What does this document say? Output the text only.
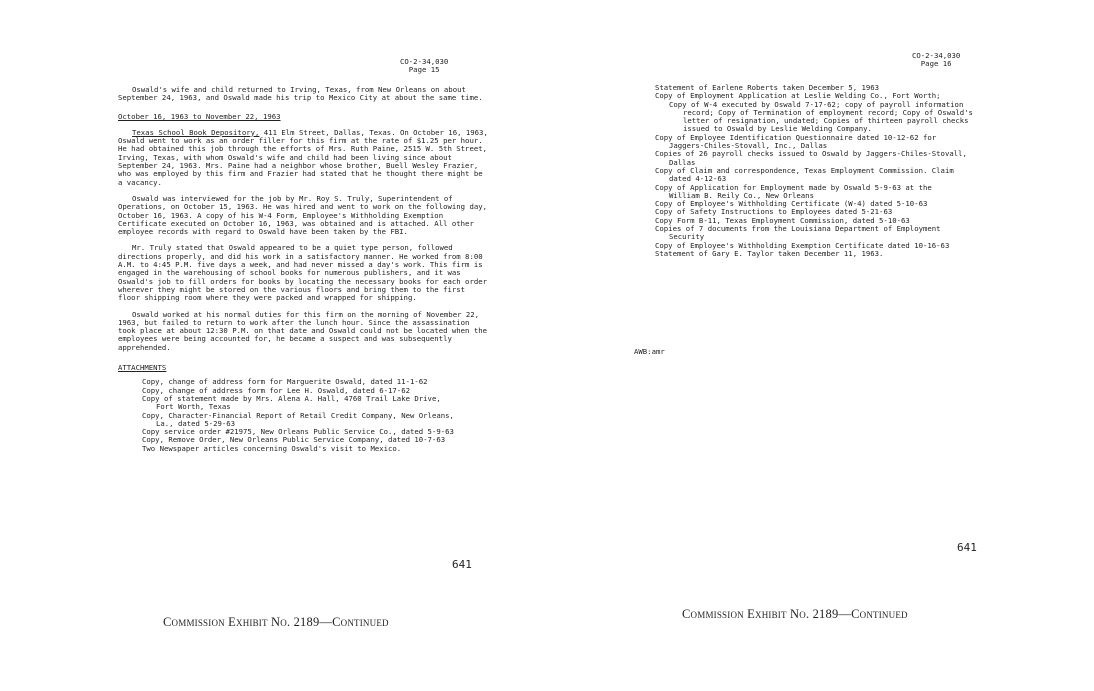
CO-2-34,030
Page 15

Oswald's wife and child returned to Irving, Texas, from New Orleans on about September 24, 1963, and Oswald made his trip to Mexico City at about the same time.

October 16, 1963 to November 22, 1963

Texas School Book Depository, 411 Elm Street, Dallas, Texas. On October 16, 1963, Oswald went to work as an order filler for this firm at the rate of $1.25 per hour. He had obtained this job through the efforts of Mrs. Ruth Paine, 2515 W. 5th Street, Irving, Texas, with whom Oswald's wife and child had been living since about September 24, 1963. Mrs. Paine had a neighbor whose brother, Buell Wesley Frazier, who was employed by this firm and Frazier had stated that he thought there might be a vacancy.

Oswald was interviewed for the job by Mr. Roy S. Truly, Superintendent of Operations, on October 15, 1963. He was hired and went to work on the following day, October 16, 1963. A copy of his W-4 Form, Employee's Withholding Exemption Certificate executed on October 16, 1963, was obtained and is attached. All other employee records with regard to Oswald have been taken by the FBI.

Mr. Truly stated that Oswald appeared to be a quiet type person, followed directions properly, and did his work in a satisfactory manner. He worked from 8:00 A.M. to 4:45 P.M. five days a week, and had never missed a day's work. This firm is engaged in the warehousing of school books for numerous publishers, and it was Oswald's job to fill orders for books by locating the necessary books for each order wherever they might be stored on the various floors and bring them to the first floor shipping room where they were packed and wrapped for shipping.

Oswald worked at his normal duties for this firm on the morning of November 22, 1963, but failed to return to work after the lunch hour. Since the assassination took place at about 12:30 P.M. on that date and Oswald could not be located when the employees were being accounted for, he became a suspect and was subsequently apprehended.

ATTACHMENTS

Copy, change of address form for Marguerite Oswald, dated 11-1-62
Copy, change of address form for Lee H. Oswald, dated 6-17-62
Copy of statement made by Mrs. Alena A. Hall, 4760 Trail Lake Drive,
Fort Worth, Texas
Copy, Character-Financial Report of Retail Credit Company, New Orleans,
La., dated 5-29-63
Copy service order #21975, New Orleans Public Service Co., dated 5-9-63
Copy, Remove Order, New Orleans Public Service Company, dated 10-7-63
Two Newspaper articles concerning Oswald's visit to Mexico.
641
Commission Exhibit No. 2189—Continued
CO-2-34,030
Page 16
Statement of Earlene Roberts taken December 5, 1963
Copy of Employment Application at Leslie Welding Co., Fort Worth;
Copy of W-4 executed by Oswald 7-17-62; copy of payroll information record; Copy of Termination of employment record; Copy of Oswald's letter of resignation, undated; Copies of thirteen payroll checks issued to Oswald by Leslie Welding Company.
Copy of Employee Identification Questionnaire dated 10-12-62 for
Jaggers-Chiles-Stovall, Inc., Dallas
Copies of 26 payroll checks issued to Oswald by Jaggers-Chiles-Stovall,
Dallas
Copy of Claim and correspondence, Texas Employment Commission. Claim
dated 4-12-63
Copy of Application for Employment made by Oswald 5-9-63 at the
William B. Reily Co., New Orleans
Copy of Employee's Withholding Certificate (W-4) dated 5-10-63
Copy of Safety Instructions to Employees dated 5-21-63
Copy Form B-11, Texas Employment Commission, dated 5-10-63
Copies of 7 documents from the Louisiana Department of Employment
Security
Copy of Employee's Withholding Exemption Certificate dated 10-16-63
Statement of Gary E. Taylor taken December 11, 1963.
AWB:amr
641
Commission Exhibit No. 2189—Continued
